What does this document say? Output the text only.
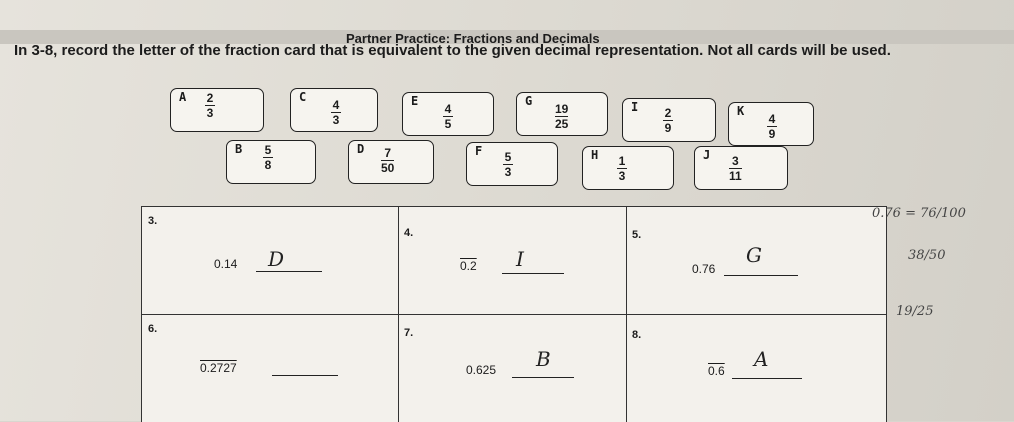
Partner Practice: Fractions and Decimals
In 3-8, record the letter of the fraction card that is equivalent to the given decimal representation. Not all cards will be used.
A 2
3
C
4
3
E
4
5
G
19
25
I 2
9
K
4
9
B 5
8
D 7
50
F 5
3
H 1
3
J 3
11
3.
0.14 D
4.
0.2 I
5.
0.76
G
6.
0.2727
7.
0.625 B
8.
0.6 A
0.76 = 76/100
38/50
19/25
